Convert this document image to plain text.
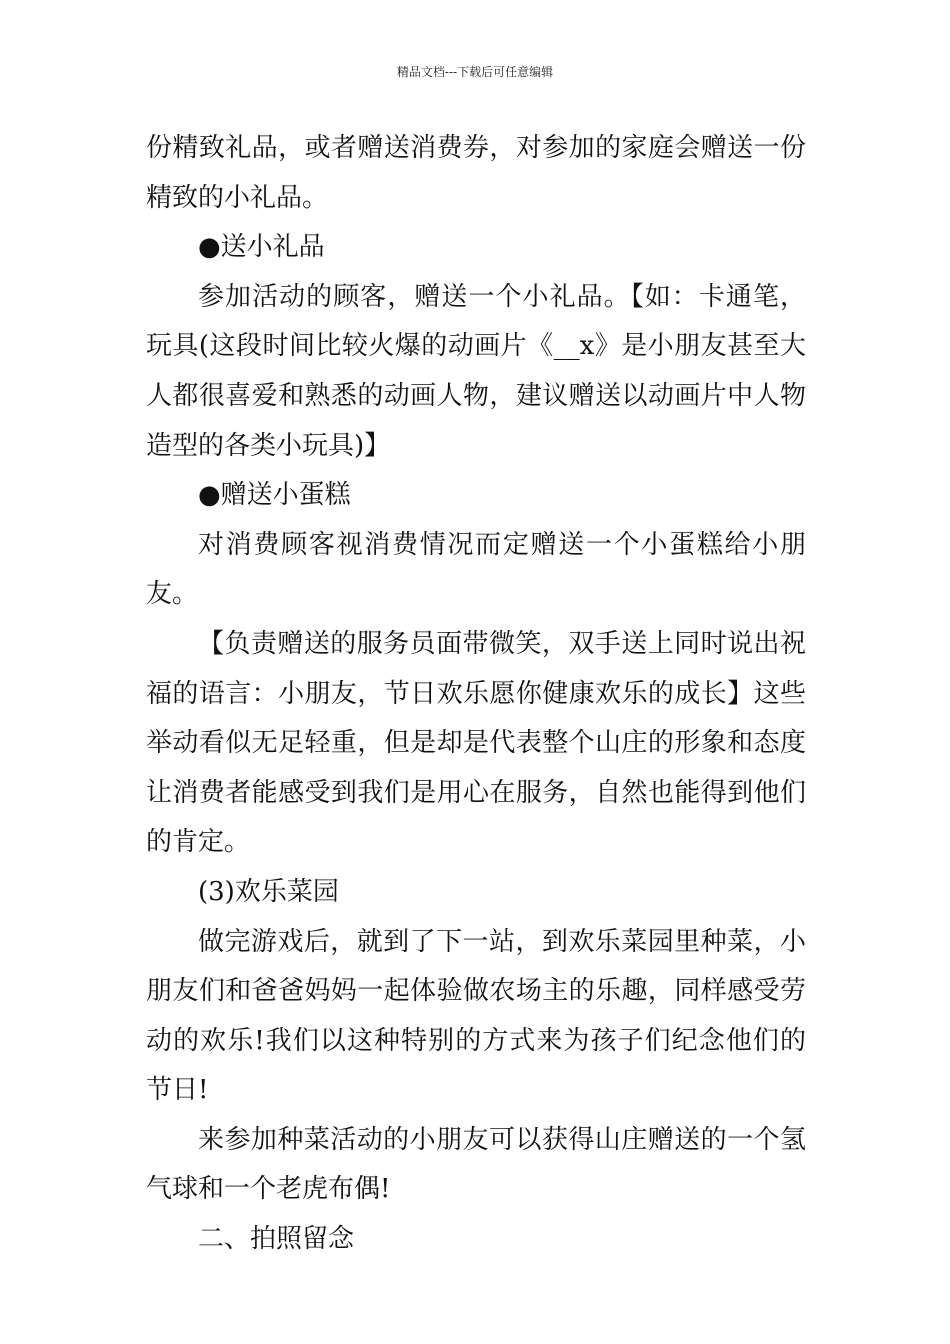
精品文档---下载后可任意编辑

份精致礼品，或者赠送消费券，对参加的家庭会赠送一份精致的小礼品。

●送小礼品

参加活动的顾客，赠送一个小礼品。【如：卡通笔，玩具(这段时间比较火爆的动画片《__x》是小朋友甚至大人都很喜爱和熟悉的动画人物，建议赠送以动画片中人物造型的各类小玩具)】

●赠送小蛋糕

对消费顾客视消费情况而定赠送一个小蛋糕给小朋友。

【负责赠送的服务员面带微笑，双手送上同时说出祝福的语言：小朋友，节日欢乐愿你健康欢乐的成长】这些举动看似无足轻重，但是却是代表整个山庄的形象和态度让消费者能感受到我们是用心在服务，自然也能得到他们的肯定。

(3)欢乐菜园

做完游戏后，就到了下一站，到欢乐菜园里种菜，小朋友们和爸爸妈妈一起体验做农场主的乐趣，同样感受劳动的欢乐!我们以这种特别的方式来为孩子们纪念他们的节日!

来参加种菜活动的小朋友可以获得山庄赠送的一个氢气球和一个老虎布偶!

二、拍照留念
